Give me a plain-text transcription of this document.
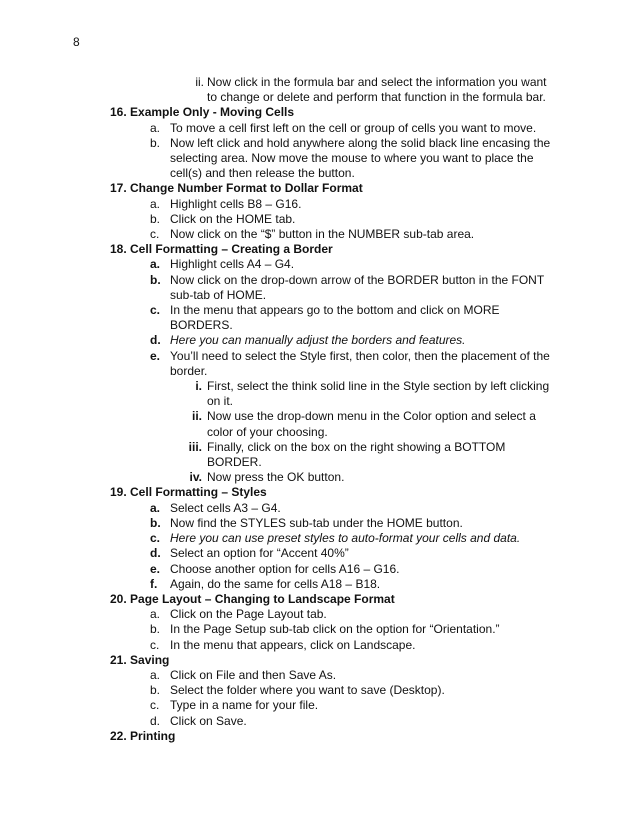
8
ii. Now click in the formula bar and select the information you want to change or delete and perform that function in the formula bar.
16. Example Only - Moving Cells
a. To move a cell first left on the cell or group of cells you want to move.
b. Now left click and hold anywhere along the solid black line encasing the selecting area. Now move the mouse to where you want to place the cell(s) and then release the button.
17. Change Number Format to Dollar Format
a. Highlight cells B8 – G16.
b. Click on the HOME tab.
c. Now click on the “$” button in the NUMBER sub-tab area.
18. Cell Formatting – Creating a Border
a. Highlight cells A4 – G4.
b. Now click on the drop-down arrow of the BORDER button in the FONT sub-tab of HOME.
c. In the menu that appears go to the bottom and click on MORE BORDERS.
d. Here you can manually adjust the borders and features.
e. You’ll need to select the Style first, then color, then the placement of the border.
i. First, select the think solid line in the Style section by left clicking on it.
ii. Now use the drop-down menu in the Color option and select a color of your choosing.
iii. Finally, click on the box on the right showing a BOTTOM BORDER.
iv. Now press the OK button.
19. Cell Formatting – Styles
a. Select cells A3 – G4.
b. Now find the STYLES sub-tab under the HOME button.
c. Here you can use preset styles to auto-format your cells and data.
d. Select an option for “Accent 40%”
e. Choose another option for cells A16 – G16.
f. Again, do the same for cells A18 – B18.
20. Page Layout – Changing to Landscape Format
a. Click on the Page Layout tab.
b. In the Page Setup sub-tab click on the option for “Orientation.”
c. In the menu that appears, click on Landscape.
21. Saving
a. Click on File and then Save As.
b. Select the folder where you want to save (Desktop).
c. Type in a name for your file.
d. Click on Save.
22. Printing
